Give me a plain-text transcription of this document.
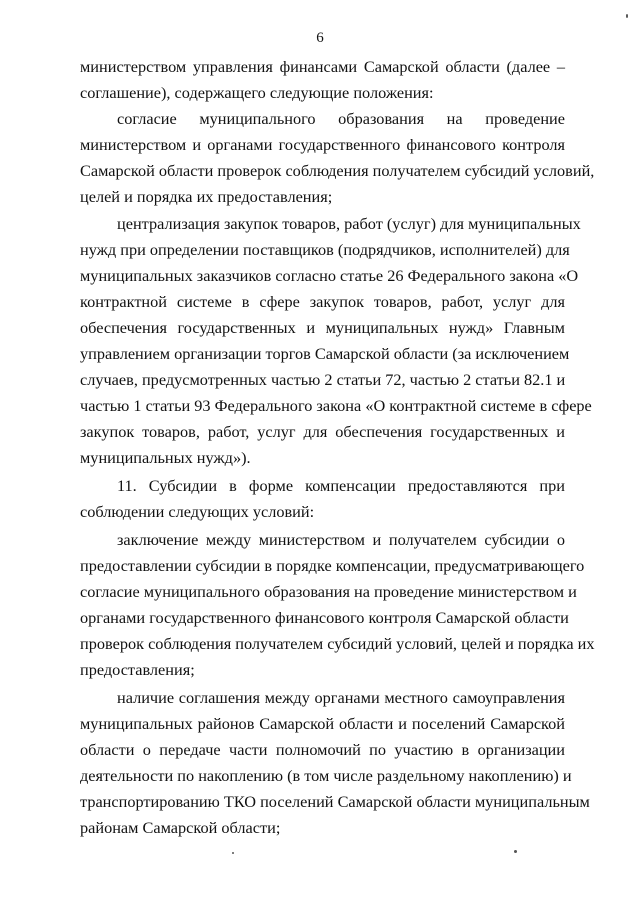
6
министерством управления финансами Самарской области (далее –
соглашение), содержащего следующие положения:
согласие муниципального образования на проведение
министерством и органами государственного финансового контроля
Самарской области проверок соблюдения получателем субсидий условий,
целей и порядка их предоставления;
централизация закупок товаров, работ (услуг) для муниципальных
нужд при определении поставщиков (подрядчиков, исполнителей) для
муниципальных заказчиков согласно статье 26 Федерального закона «О
контрактной системе в сфере закупок товаров, работ, услуг для
обеспечения государственных и муниципальных нужд» Главным
управлением организации торгов Самарской области (за исключением
случаев, предусмотренных частью 2 статьи 72, частью 2 статьи 82.1 и
частью 1 статьи 93 Федерального закона «О контрактной системе в сфере
закупок товаров, работ, услуг для обеспечения государственных и
муниципальных нужд»).
11. Субсидии в форме компенсации предоставляются при
соблюдении следующих условий:
заключение между министерством и получателем субсидии о
предоставлении субсидии в порядке компенсации, предусматривающего
согласие муниципального образования на проведение министерством и
органами государственного финансового контроля Самарской области
проверок соблюдения получателем субсидий условий, целей и порядка их
предоставления;
наличие соглашения между органами местного самоуправления
муниципальных районов Самарской области и поселений Самарской
области о передаче части полномочий по участию в организации
деятельности по накоплению (в том числе раздельному накоплению) и
транспортированию ТКО поселений Самарской области муниципальным
районам Самарской области;
